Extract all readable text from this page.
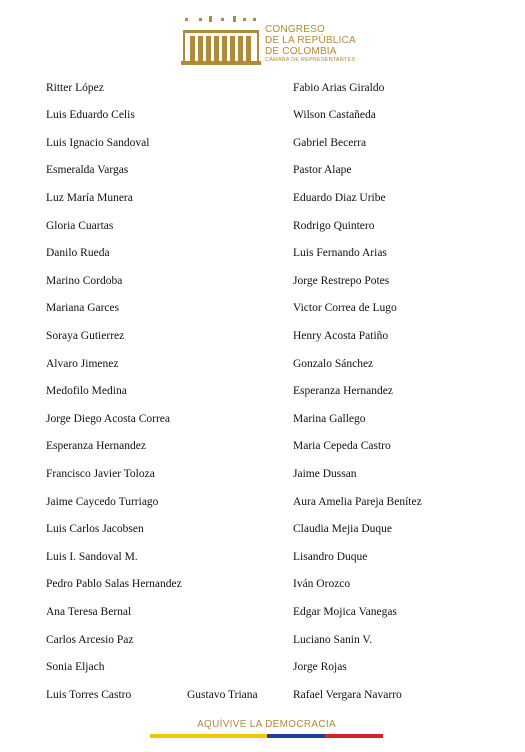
CONGRESO
DE LA REPÚBLICA
DE COLOMBIA
CÁMARA DE REPRESENTANTES
Ritter López
Luis Eduardo Celis
Luis Ignacio Sandoval
Esmeralda Vargas
Luz María Munera
Gloria Cuartas
Danilo Rueda
Marino Cordoba
Mariana Garces
Soraya Gutierrez
Alvaro Jimenez
Medofilo Medina
Jorge Diego Acosta Correa
Esperanza Hernandez
Francisco Javier Toloza
Jaime Caycedo Turriago
Luis Carlos Jacobsen
Luis I. Sandoval M.
Pedro Pablo Salas Hernandez
Ana Teresa Bernal
Carlos Arcesio Paz
Sonia Eljach
Luis Torres Castro	Gustavo Triana
Fabio Arias Giraldo
Wilson Castañeda
Gabriel Becerra
Pastor Alape
Eduardo Diaz Uribe
Rodrigo Quintero
Luis Fernando Arias
Jorge Restrepo Potes
Victor Correa de Lugo
Henry Acosta Patiño
Gonzalo Sánchez
Esperanza Hernandez
Marina Gallego
Maria Cepeda Castro
Jaime Dussan
Aura Amelia Pareja Benítez
Claudia Mejia Duque
Lisandro Duque
Iván Orozco
Edgar Mojica Vanegas
Luciano Sanin V.
Jorge Rojas
Rafael Vergara Navarro
AQUÍVIVE LA DEMOCRACIA
